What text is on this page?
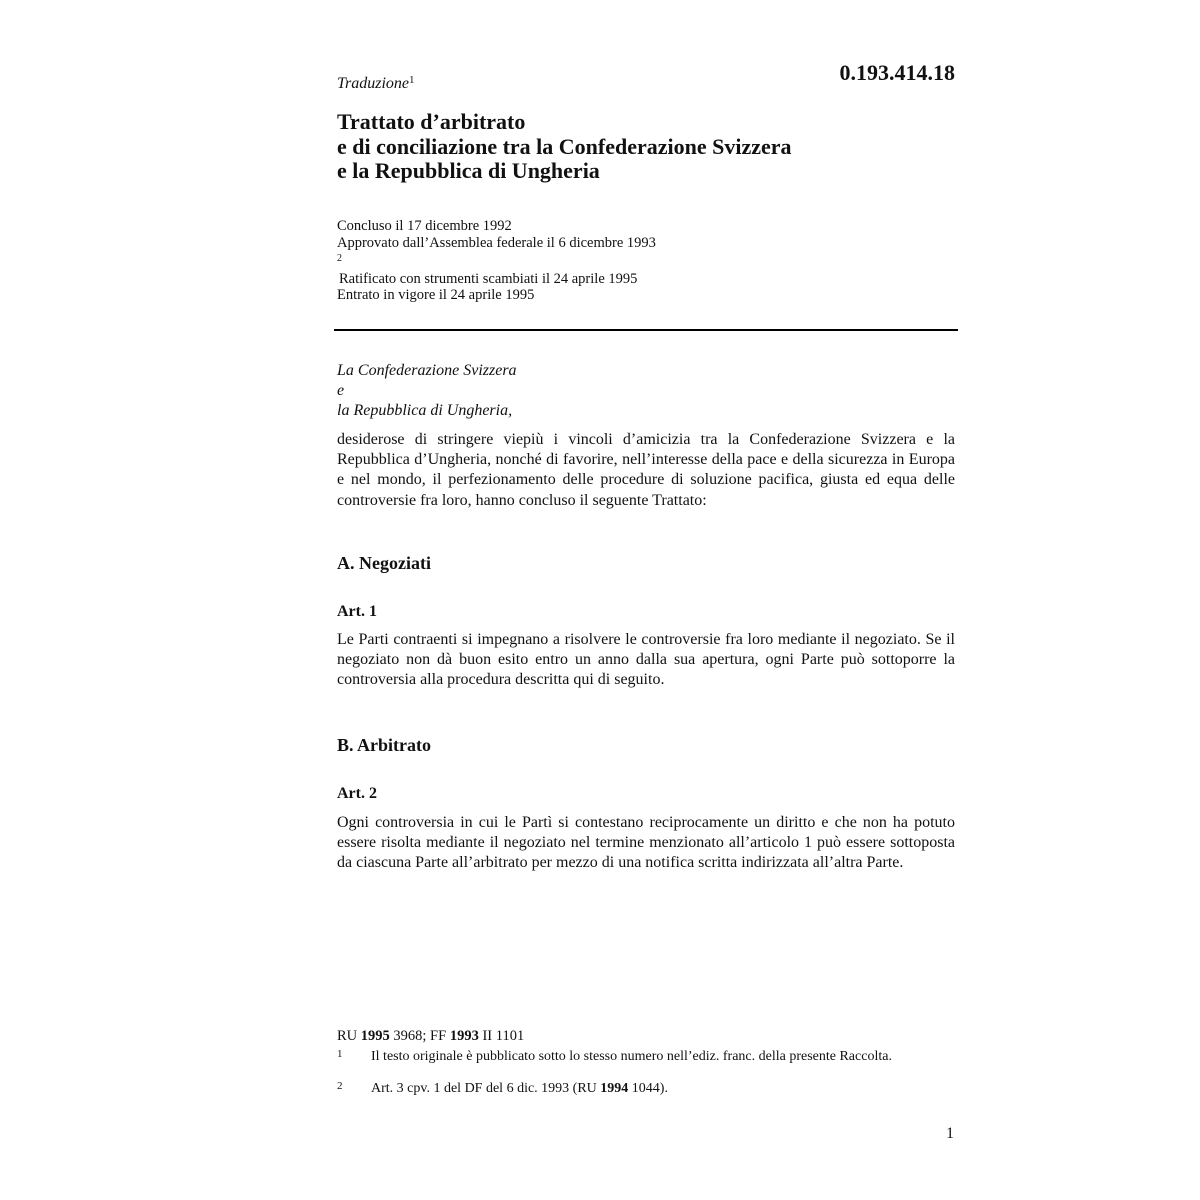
0.193.414.18
Traduzione$^1$
Trattato d’arbitrato
e di conciliazione tra la Confederazione Svizzera
e la Repubblica di Ungheria
Concluso il 17 dicembre 1992
Approvato dall’Assemblea federale il 6 dicembre 1993
$^2$
Ratificato con strumenti scambiati il 24 aprile 1995
Entrato in vigore il 24 aprile 1995
La Confederazione Svizzera
e
la Repubblica di Ungheria,

desiderose di stringere viepiù i vincoli d’amicizia tra la Confederazione Svizzera e la Repubblica d’Ungheria, nonché di favorire, nell’interesse della pace e della sicurezza in Europa e nel mondo, il perfezionamento delle procedure di soluzione pacifica, giusta ed equa delle controversie fra loro, hanno concluso il seguente Trattato:

A. Negoziati
Art. 1

Le Parti contraenti si impegnano a risolvere le controversie fra loro mediante il negoziato. Se il negoziato non dà buon esito entro un anno dalla sua apertura, ogni Parte può sottoporre la controversia alla procedura descritta qui di seguito.

B. Arbitrato
Art. 2

Ogni controversia in cui le Partì si contestano reciprocamente un diritto e che non ha potuto essere risolta mediante il negoziato nel termine menzionato all’articolo 1 può essere sottoposta da ciascuna Parte all’arbitrato per mezzo di una notifica scritta indirizzata all’altra Parte.

RU 1995 3968; FF 1993 II 1101
1 Il testo originale è pubblicato sotto lo stesso numero nell’ediz. franc. della presente Raccolta.
2 Art. 3 cpv. 1 del DF del 6 dic. 1993 (RU 1994 1044).
1
